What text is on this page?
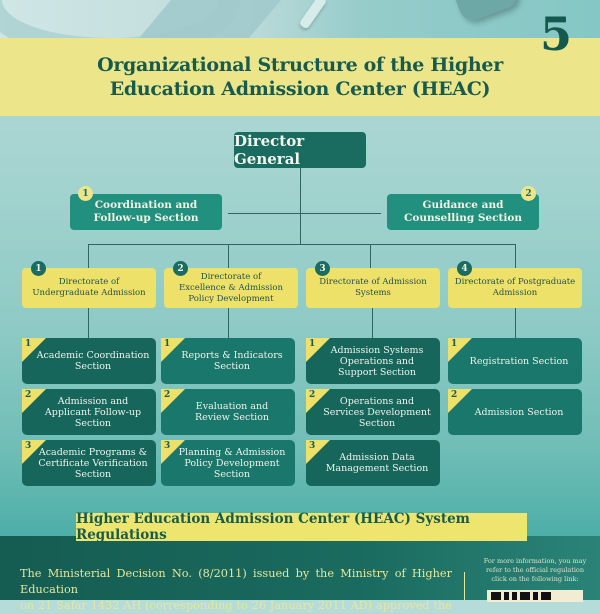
Organizational Structure of the Higher
Education Admission Center (HEAC)
5
Director General
Coordination and
Follow-up Section
1
Guidance and
Counselling Section
2
Directorate of
Undergraduate Admission
1
Directorate of
Excellence & Admission
Policy Development
2
Directorate of Admission
Systems
3
Directorate of Postgraduate
Admission
4
1
Academic Coordination
Section
2
Admission and
Applicant Follow-up
Section
3
Academic Programs &
Certificate Verification
Section
1
Reports & Indicators
Section
2
Evaluation and
Review Section
3
Planning & Admission
Policy Development
Section
1
Admission Systems
Operations and
Support Section
2
Operations and
Services Development
Section
3
Admission Data
Management Section
1
Registration Section
2
Admission Section
Higher Education Admission Center (HEAC) System Regulations
The Ministerial Decision No. (8/2011) issued by the Ministry of Higher Education
on 21 Safar 1432 AH (corresponding to 26 January 2011 AD) approved the
For more information, you may
refer to the official regulation
click on the following link:
